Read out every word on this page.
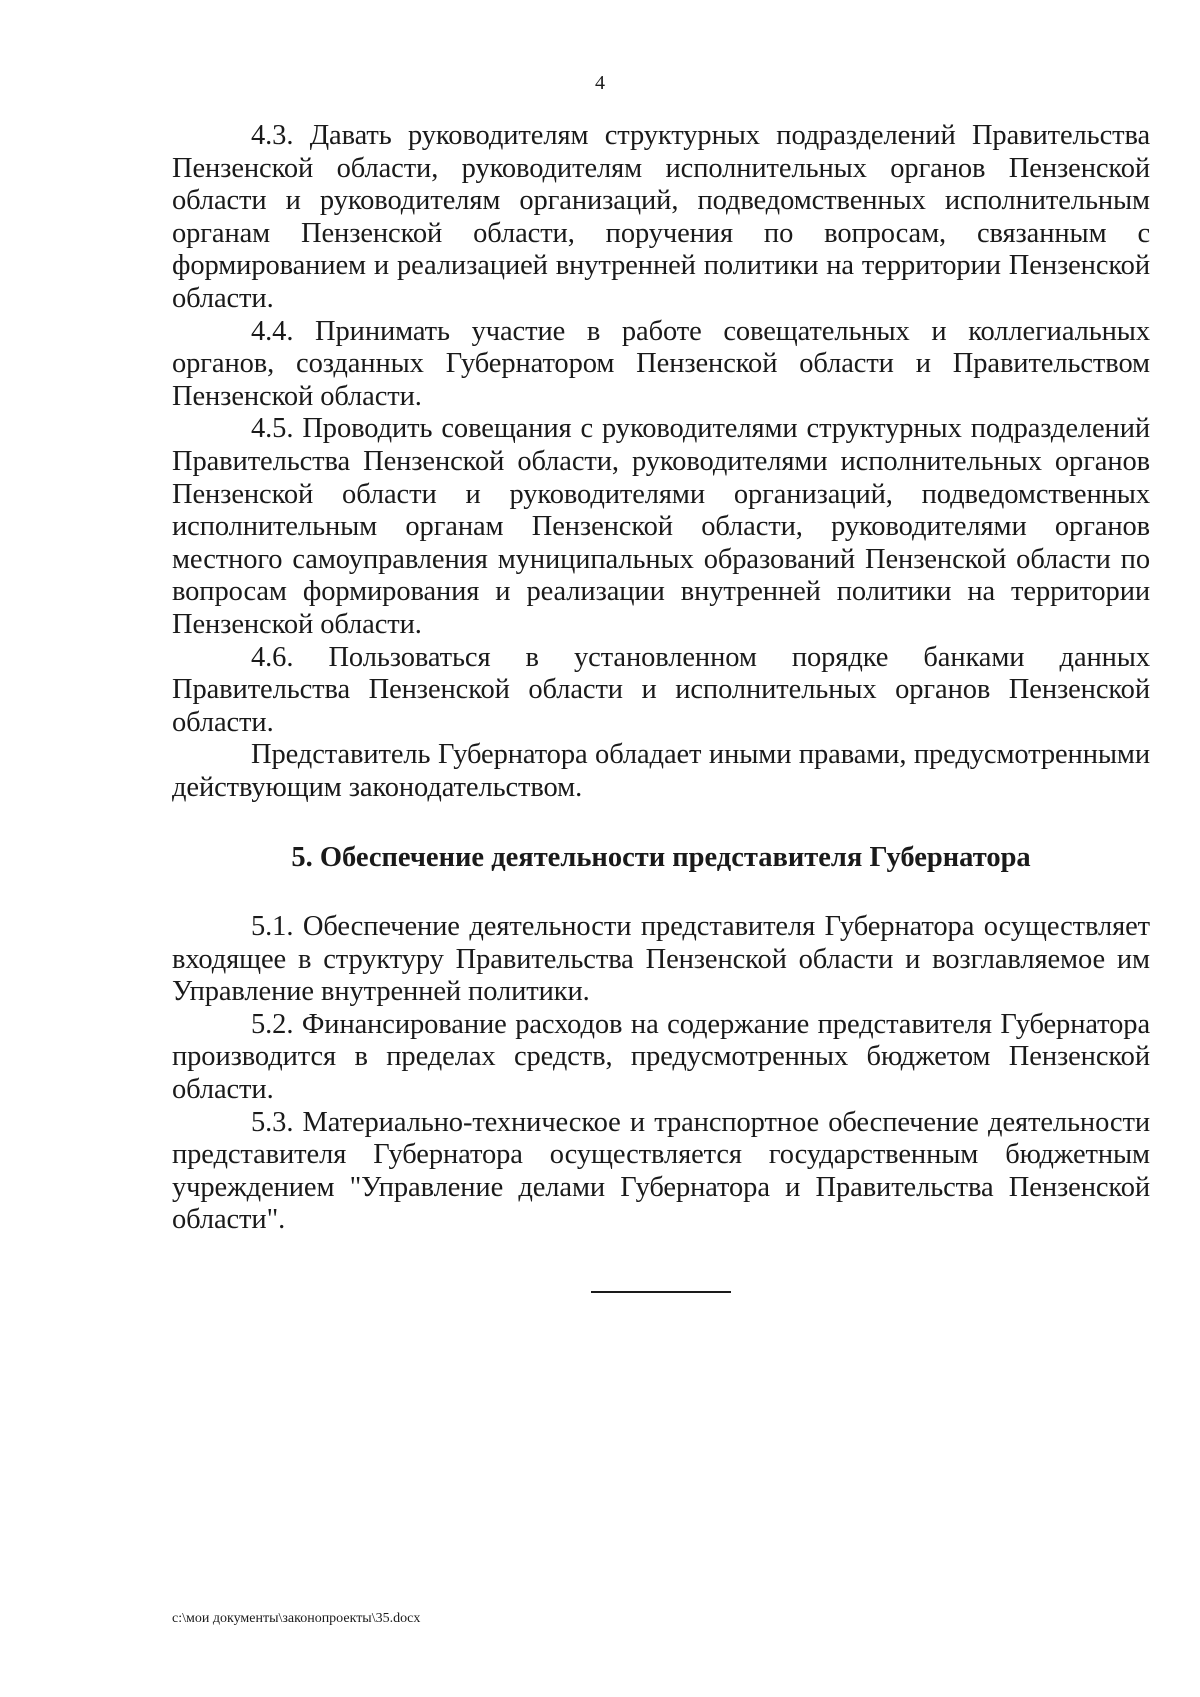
4

4.3. Давать руководителям структурных подразделений Правительства Пензенской области, руководителям исполнительных органов Пензенской области и руководителям организаций, подведомственных исполнительным органам Пензенской области, поручения по вопросам, связанным с формированием и реализацией внутренней политики на территории Пензенской области.

4.4. Принимать участие в работе совещательных и коллегиальных органов, созданных Губернатором Пензенской области и Правительством Пензенской области.

4.5. Проводить совещания с руководителями структурных подразделений Правительства Пензенской области, руководителями исполнительных органов Пензенской области и руководителями организаций, подведомственных исполнительным органам Пензенской области, руководителями органов местного самоуправления муниципальных образований Пензенской области по вопросам формирования и реализации внутренней политики на территории Пензенской области.

4.6. Пользоваться в установленном порядке банками данных Правительства Пензенской области и исполнительных органов Пензенской области.

Представитель Губернатора обладает иными правами, предусмотренными действующим законодательством.

5. Обеспечение деятельности представителя Губернатора

5.1. Обеспечение деятельности представителя Губернатора осуществляет входящее в структуру Правительства Пензенской области и возглавляемое им Управление внутренней политики.

5.2. Финансирование расходов на содержание представителя Губернатора производится в пределах средств, предусмотренных бюджетом Пензенской области.

5.3. Материально-техническое и транспортное обеспечение деятельности представителя Губернатора осуществляется государственным бюджетным учреждением "Управление делами Губернатора и Правительства Пензенской области".

c:\мои документы\законопроекты\35.docx
